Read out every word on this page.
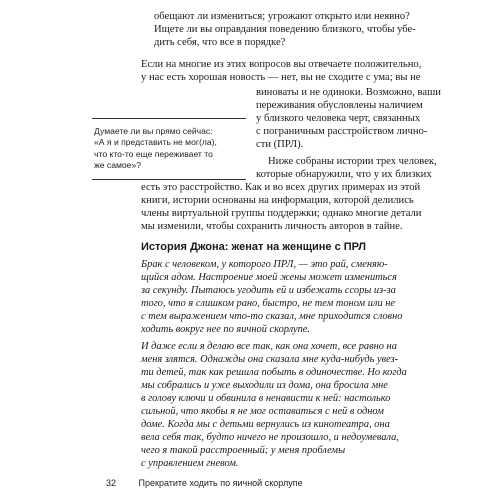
обещают ли измениться; угрожают открыто или неявно?
Ищете ли вы оправдания поведению близкого, чтобы убе-
дить себя, что все в порядке?
Если на многие из этих вопросов вы отвечаете положительно,
у нас есть хорошая новость — нет, вы не сходите с ума; вы не
виноваты и не одиноки. Возможно, ваши
переживания обусловлены наличием
у близкого человека черт, связанных
с пограничным расстройством лично-
сти (ПРЛ).
Ниже собраны истории трех человек,
которые обнаружили, что у их близких
есть это расстройство. Как и во всех других примерах из этой
книги, истории основаны на информации, которой делились
члены виртуальной группы поддержки; однако многие детали
мы изменили, чтобы сохранить личность авторов в тайне.
Думаете ли вы прямо сейчас:
«А я и представить не мог(ла),
что кто-то еще переживает то
же самое»?
История Джона: женат на женщине с ПРЛ
Брак с человеком, у которого ПРЛ, — это рай, сменяю-
щийся адом. Настроение моей жены может измениться
за секунду. Пытаюсь угодить ей и избежать ссоры из-за
того, что я слишком рано, быстро, не тем тоном или не
с тем выражением что-то сказал, мне приходится словно
ходить вокруг нее по яичной скорлупе.
И даже если я делаю все так, как она хочет, все равно на
меня злятся. Однажды она сказала мне куда-нибудь увез-
ти детей, так как решила побыть в одиночестве. Но когда
мы собрались и уже выходили из дома, она бросила мне
в голову ключи и обвинила в ненависти к ней: настолько
сильной, что якобы я не мог оставаться с ней в одном
доме. Когда мы с детьми вернулись из кинотеатра, она
вела себя так, будто ничего не произошло, и недоумевала,
чего я такой расстроенный; у меня проблемы
с управлением гневом.
32	Прекратите ходить по яичной скорлупе
